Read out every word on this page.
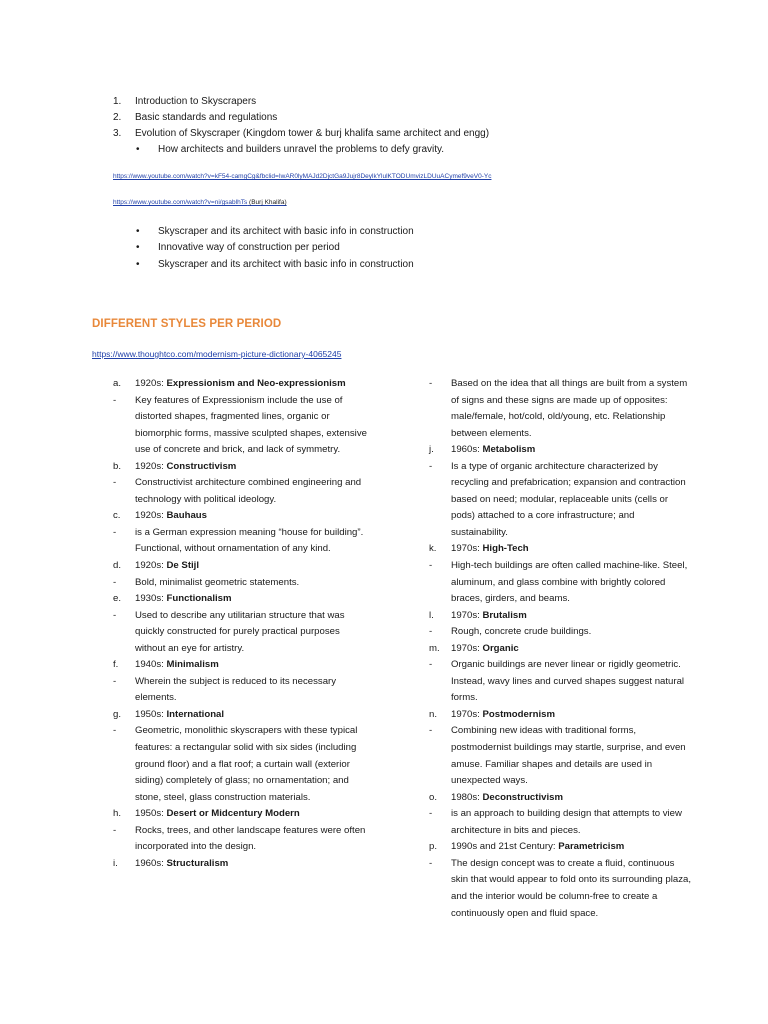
1. Introduction to Skyscrapers
2. Basic standards and regulations
3. Evolution of Skyscraper (Kingdom tower & burj khalifa same architect and engg)
• How architects and builders unravel the problems to defy gravity.
https://www.youtube.com/watch?v=kF54-camgCg&fbclid=IwAR0lyMAJd2DjctGa9Jujr8DeylkYlulKTODUmvizLDUuACymef9veV0-Yc
https://www.youtube.com/watch?v=ni/gsablhTs (Burj Khalifa)
• Skyscraper and its architect with basic info in construction
• Innovative way of construction per period
• Skyscraper and its architect with basic info in construction
DIFFERENT STYLES PER PERIOD
https://www.thoughtco.com/modernism-picture-dictionary-4065245
a.	1920s: Expressionism and Neo-expressionism
-	Key features of Expressionism include the use of distorted shapes, fragmented lines, organic or biomorphic forms, massive sculpted shapes, extensive use of concrete and brick, and lack of symmetry.
b.	1920s: Constructivism
-	Constructivist architecture combined engineering and technology with political ideology.
c.	1920s: Bauhaus
-	is a German expression meaning “house for building”. Functional, without ornamentation of any kind.
d.	1920s: De Stijl
-	Bold, minimalist geometric statements.
e.	1930s: Functionalism
-	Used to describe any utilitarian structure that was quickly constructed for purely practical purposes without an eye for artistry.
f.	1940s: Minimalism
-	Wherein the subject is reduced to its necessary elements.
g.	1950s: International
-	Geometric, monolithic skyscrapers with these typical features: a rectangular solid with six sides (including ground floor) and a flat roof; a curtain wall (exterior siding) completely of glass; no ornamentation; and stone, steel, glass construction materials.
h.	1950s: Desert or Midcentury Modern
-	Rocks, trees, and other landscape features were often incorporated into the design.
i.	1960s: Structuralism
-	Based on the idea that all things are built from a system of signs and these signs are made up of opposites: male/female, hot/cold, old/young, etc. Relationship between elements.
j.	1960s: Metabolism
-	Is a type of organic architecture characterized by recycling and prefabrication; expansion and contraction based on need; modular, replaceable units (cells or pods) attached to a core infrastructure; and sustainability.
k.	1970s: High-Tech
-	High-tech buildings are often called machine-like. Steel, aluminum, and glass combine with brightly colored braces, girders, and beams.
l.	1970s: Brutalism
-	Rough, concrete crude buildings.
m.	1970s: Organic
-	Organic buildings are never linear or rigidly geometric. Instead, wavy lines and curved shapes suggest natural forms.
n.	1970s: Postmodernism
-	Combining new ideas with traditional forms, postmodernist buildings may startle, surprise, and even amuse. Familiar shapes and details are used in unexpected ways.
o.	1980s: Deconstructivism
-	is an approach to building design that attempts to view architecture in bits and pieces.
p.	1990s and 21st Century: Parametricism
-	The design concept was to create a fluid, continuous skin that would appear to fold onto its surrounding plaza, and the interior would be column-free to create a continuously open and fluid space.
